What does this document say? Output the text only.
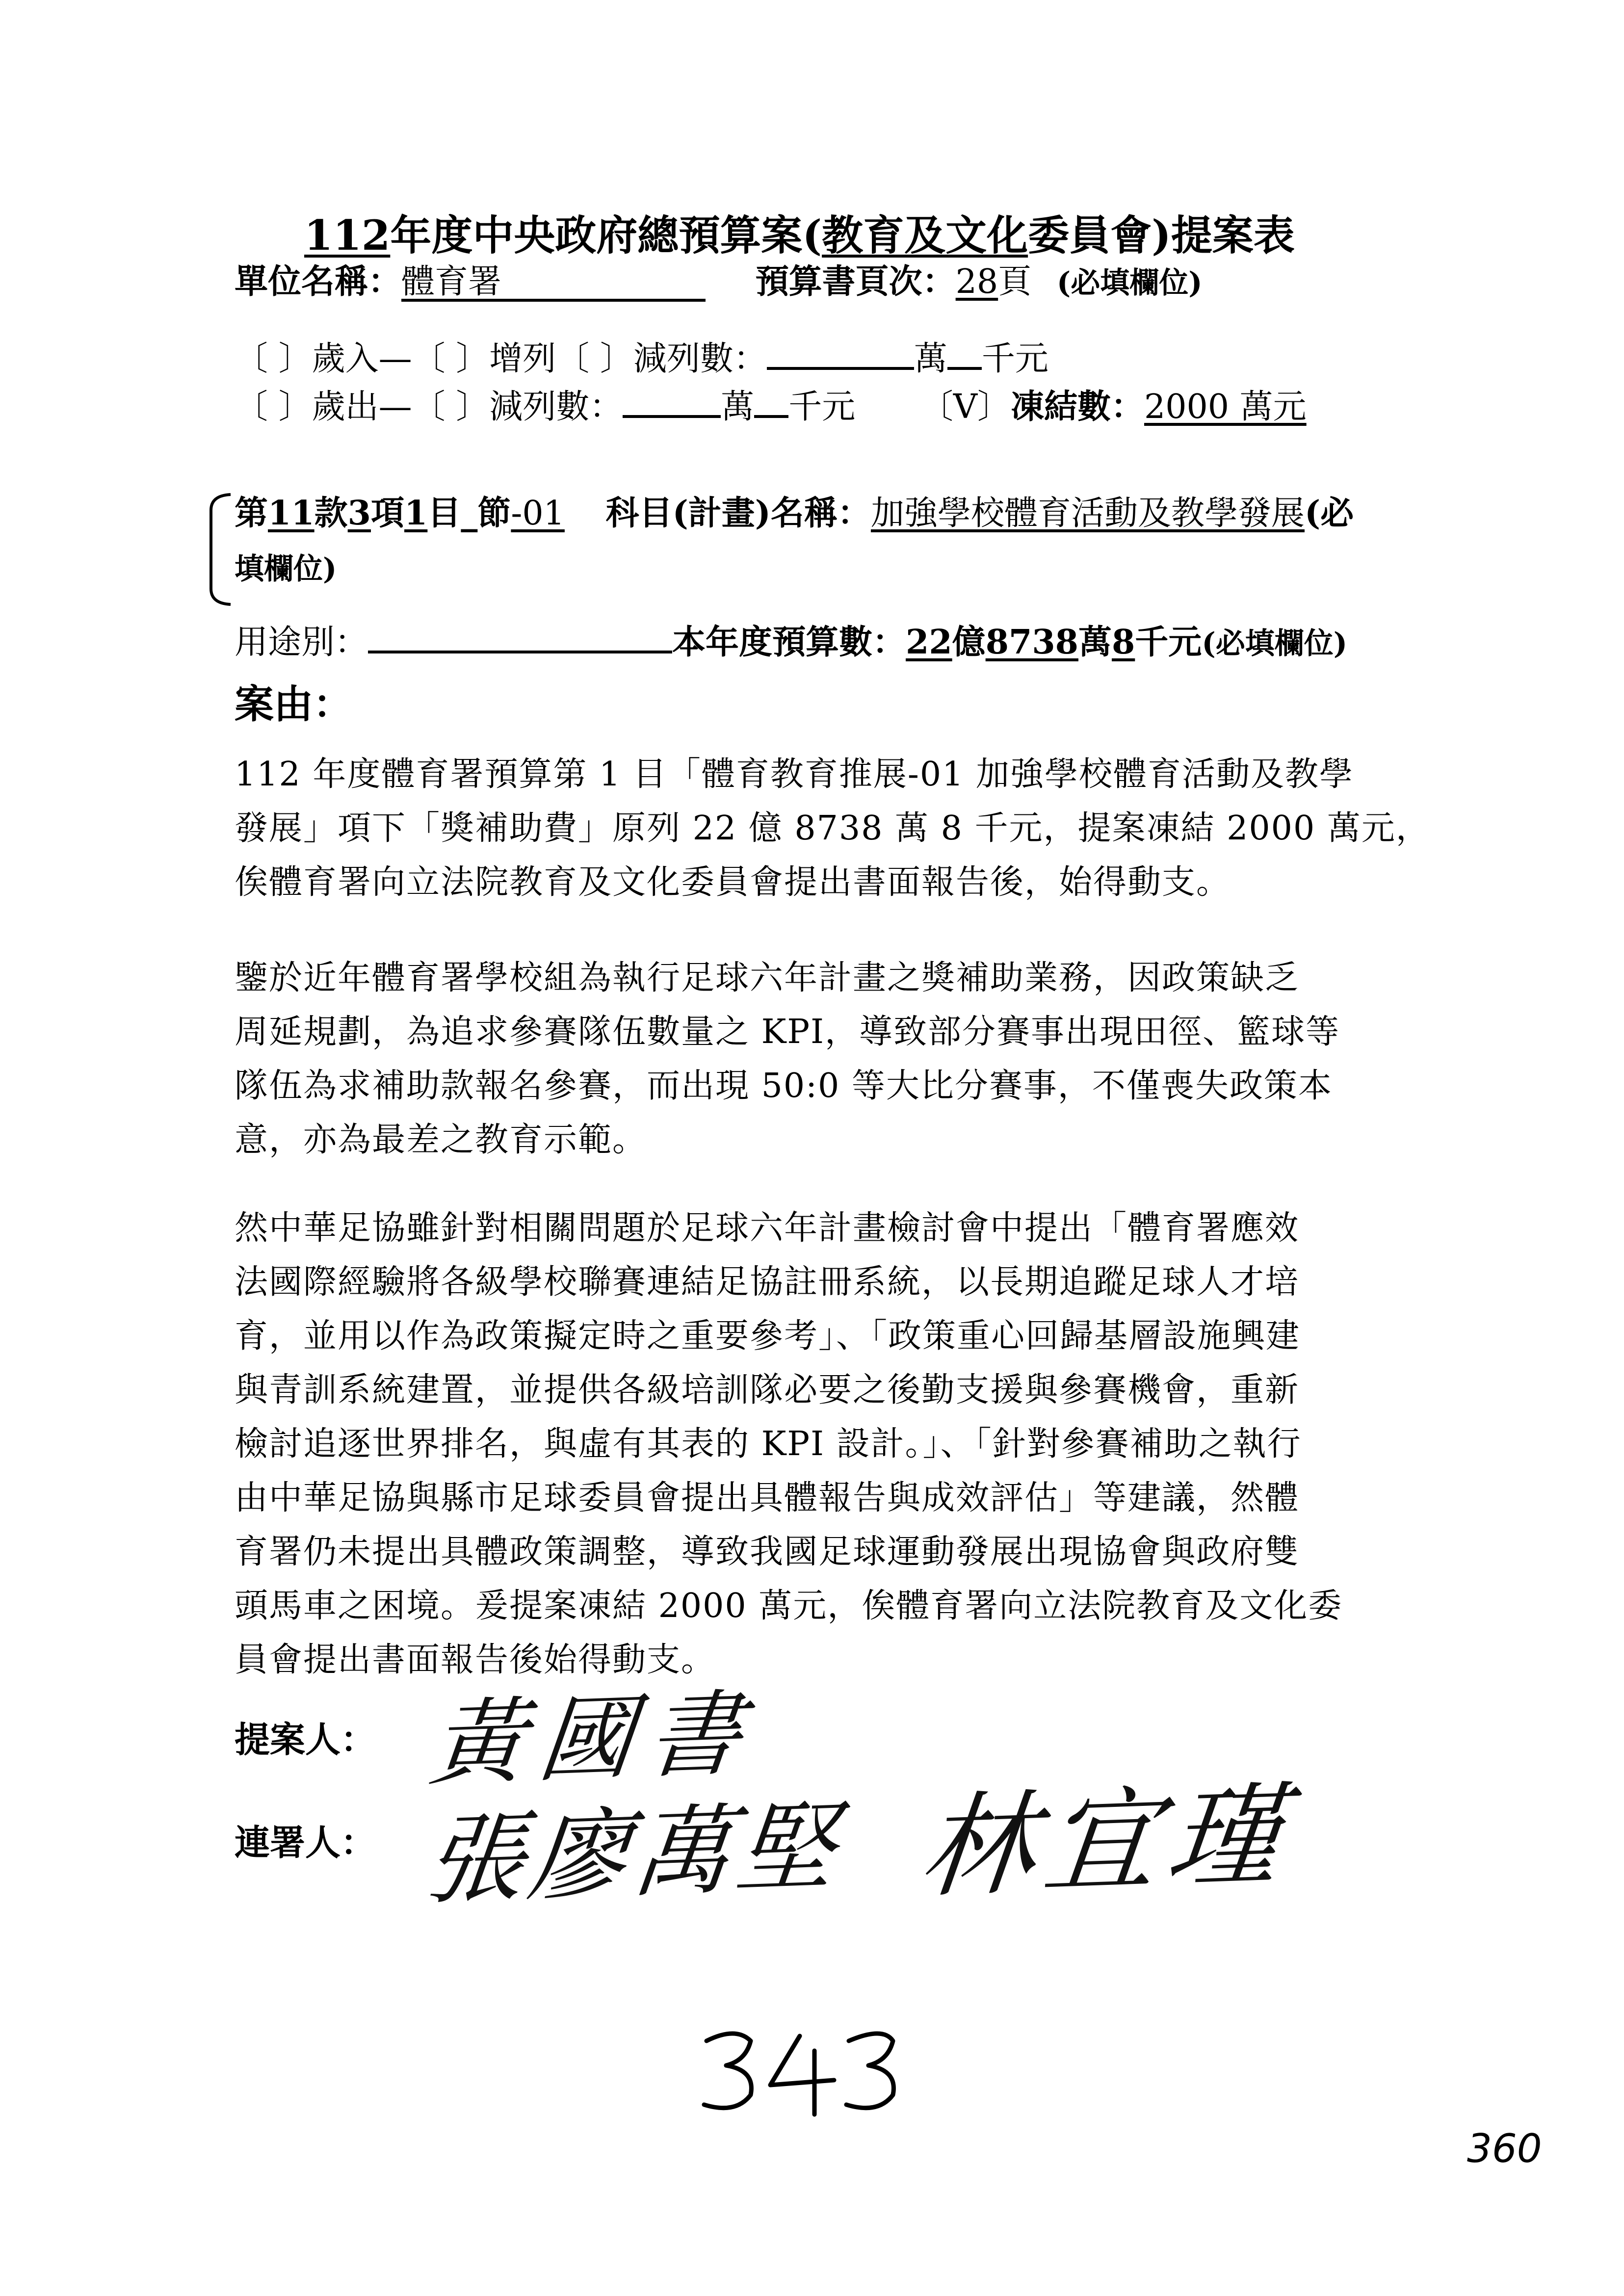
112年度中央政府總預算案(教育及文化委員會)提案表
單位名稱：體育署	預算書頁次：28頁 (必填欄位)
〔 〕歲入—〔 〕增列〔 〕減列數：	萬 千元
〔 〕歲出—〔 〕減列數：	萬 千元 〔V〕凍結數：2000 萬元
第11款3項1目_節-01 科目(計畫)名稱：加強學校體育活動及教學發展(必
填欄位)
用途別：	本年度預算數：22億8738萬8千元(必填欄位)
案由：
112 年度體育署預算第 1 目「體育教育推展-01 加強學校體育活動及教學
發展」項下「獎補助費」原列 22 億 8738 萬 8 千元，提案凍結 2000 萬元，
俟體育署向立法院教育及文化委員會提出書面報告後，始得動支。
鑒於近年體育署學校組為執行足球六年計畫之獎補助業務，因政策缺乏
周延規劃，為追求參賽隊伍數量之 KPI，導致部分賽事出現田徑、籃球等
隊伍為求補助款報名參賽，而出現 50:0 等大比分賽事，不僅喪失政策本
意，亦為最差之教育示範。
然中華足協雖針對相關問題於足球六年計畫檢討會中提出「體育署應效
法國際經驗將各級學校聯賽連結足協註冊系統，以長期追蹤足球人才培
育，並用以作為政策擬定時之重要參考」、「政策重心回歸基層設施興建
與青訓系統建置，並提供各級培訓隊必要之後勤支援與參賽機會，重新
檢討追逐世界排名，與虛有其表的 KPI 設計。」、「針對參賽補助之執行
由中華足協與縣市足球委員會提出具體報告與成效評估」等建議，然體
育署仍未提出具體政策調整，導致我國足球運動發展出現協會與政府雙
頭馬車之困境。爰提案凍結 2000 萬元，俟體育署向立法院教育及文化委
員會提出書面報告後始得動支。
提案人： 黃國書
連署人： 張廖萬堅 林宜瑾
360
